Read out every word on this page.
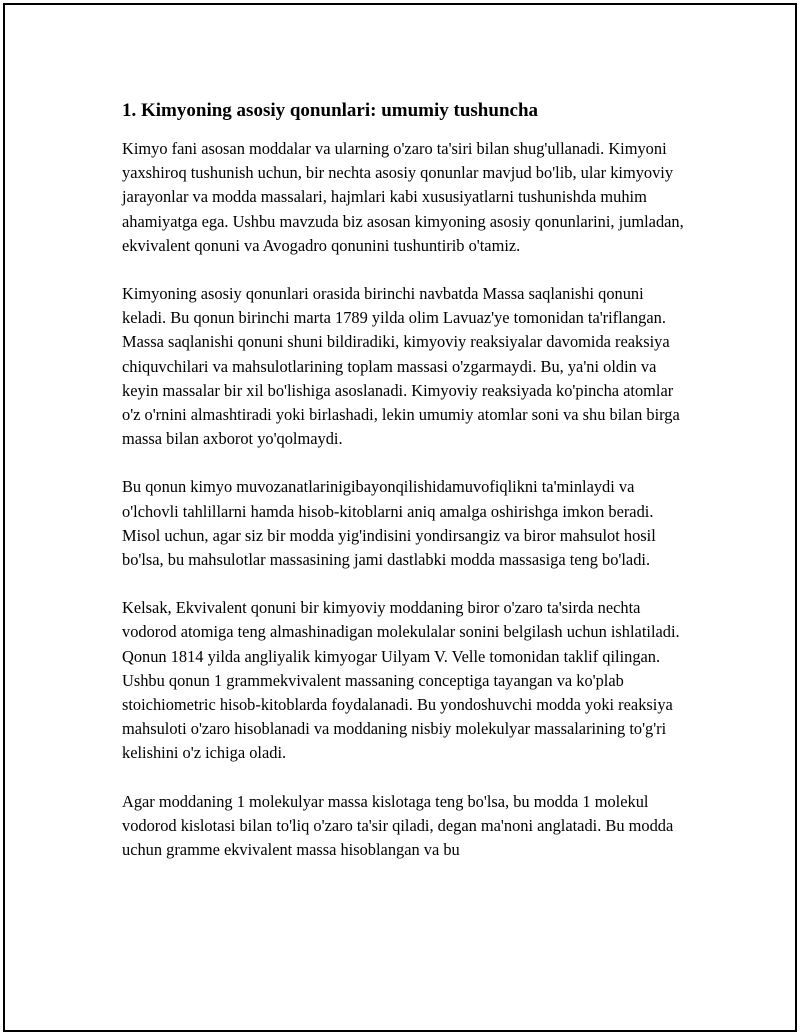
1. Kimyoning asosiy qonunlari: umumiy tushuncha

Kimyo fani asosan moddalar va ularning o'zaro ta'siri bilan shug'ullanadi. Kimyoni yaxshiroq tushunish uchun, bir nechta asosiy qonunlar mavjud bo'lib, ular kimyoviy jarayonlar va modda massalari, hajmlari kabi xususiyatlarni tushunishda muhim ahamiyatga ega. Ushbu mavzuda biz asosan kimyoning asosiy qonunlarini, jumladan, ekvivalent qonuni va Avogadro qonunini tushuntirib o'tamiz.

Kimyoning asosiy qonunlari orasida birinchi navbatda Massa saqlanishi qonuni keladi. Bu qonun birinchi marta 1789 yilda olim Lavuaz'ye tomonidan ta'riflangan. Massa saqlanishi qonuni shuni bildiradiki, kimyoviy reaksiyalar davomida reaksiya chiquvchilari va mahsulotlarining toplam massasi o'zgarmaydi. Bu, ya'ni oldin va keyin massalar bir xil bo'lishiga asoslanadi. Kimyoviy reaksiyada ko'pincha atomlar o'z o'rnini almashtiradi yoki birlashadi, lekin umumiy atomlar soni va shu bilan birga massa bilan axborot yo'qolmaydi.

Bu qonun kimyo muvozanatlarinigibayonqilishidamuvofiqlikni ta'minlaydi va o'lchovli tahlillarni hamda hisob-kitoblarni aniq amalga oshirishga imkon beradi. Misol uchun, agar siz bir modda yig'indisini yondirsangiz va biror mahsulot hosil bo'lsa, bu mahsulotlar massasining jami dastlabki modda massasiga teng bo'ladi.

Kelsak, Ekvivalent qonuni bir kimyoviy moddaning biror o'zaro ta'sirda nechta vodorod atomiga teng almashinadigan molekulalar sonini belgilash uchun ishlatiladi. Qonun 1814 yilda angliyalik kimyogar Uilyam V. Velle tomonidan taklif qilingan. Ushbu qonun 1 grammekvivalent massaning conceptiga tayangan va ko'plab stoichiometric hisob-kitoblarda foydalanadi. Bu yondoshuvchi modda yoki reaksiya mahsuloti o'zaro hisoblanadi va moddaning nisbiy molekulyar massalarining to'g'ri kelishini o'z ichiga oladi.

Agar moddaning 1 molekulyar massa kislotaga teng bo'lsa, bu modda 1 molekul vodorod kislotasi bilan to'liq o'zaro ta'sir qiladi, degan ma'noni anglatadi. Bu modda uchun gramme ekvivalent massa hisoblangan va bu
